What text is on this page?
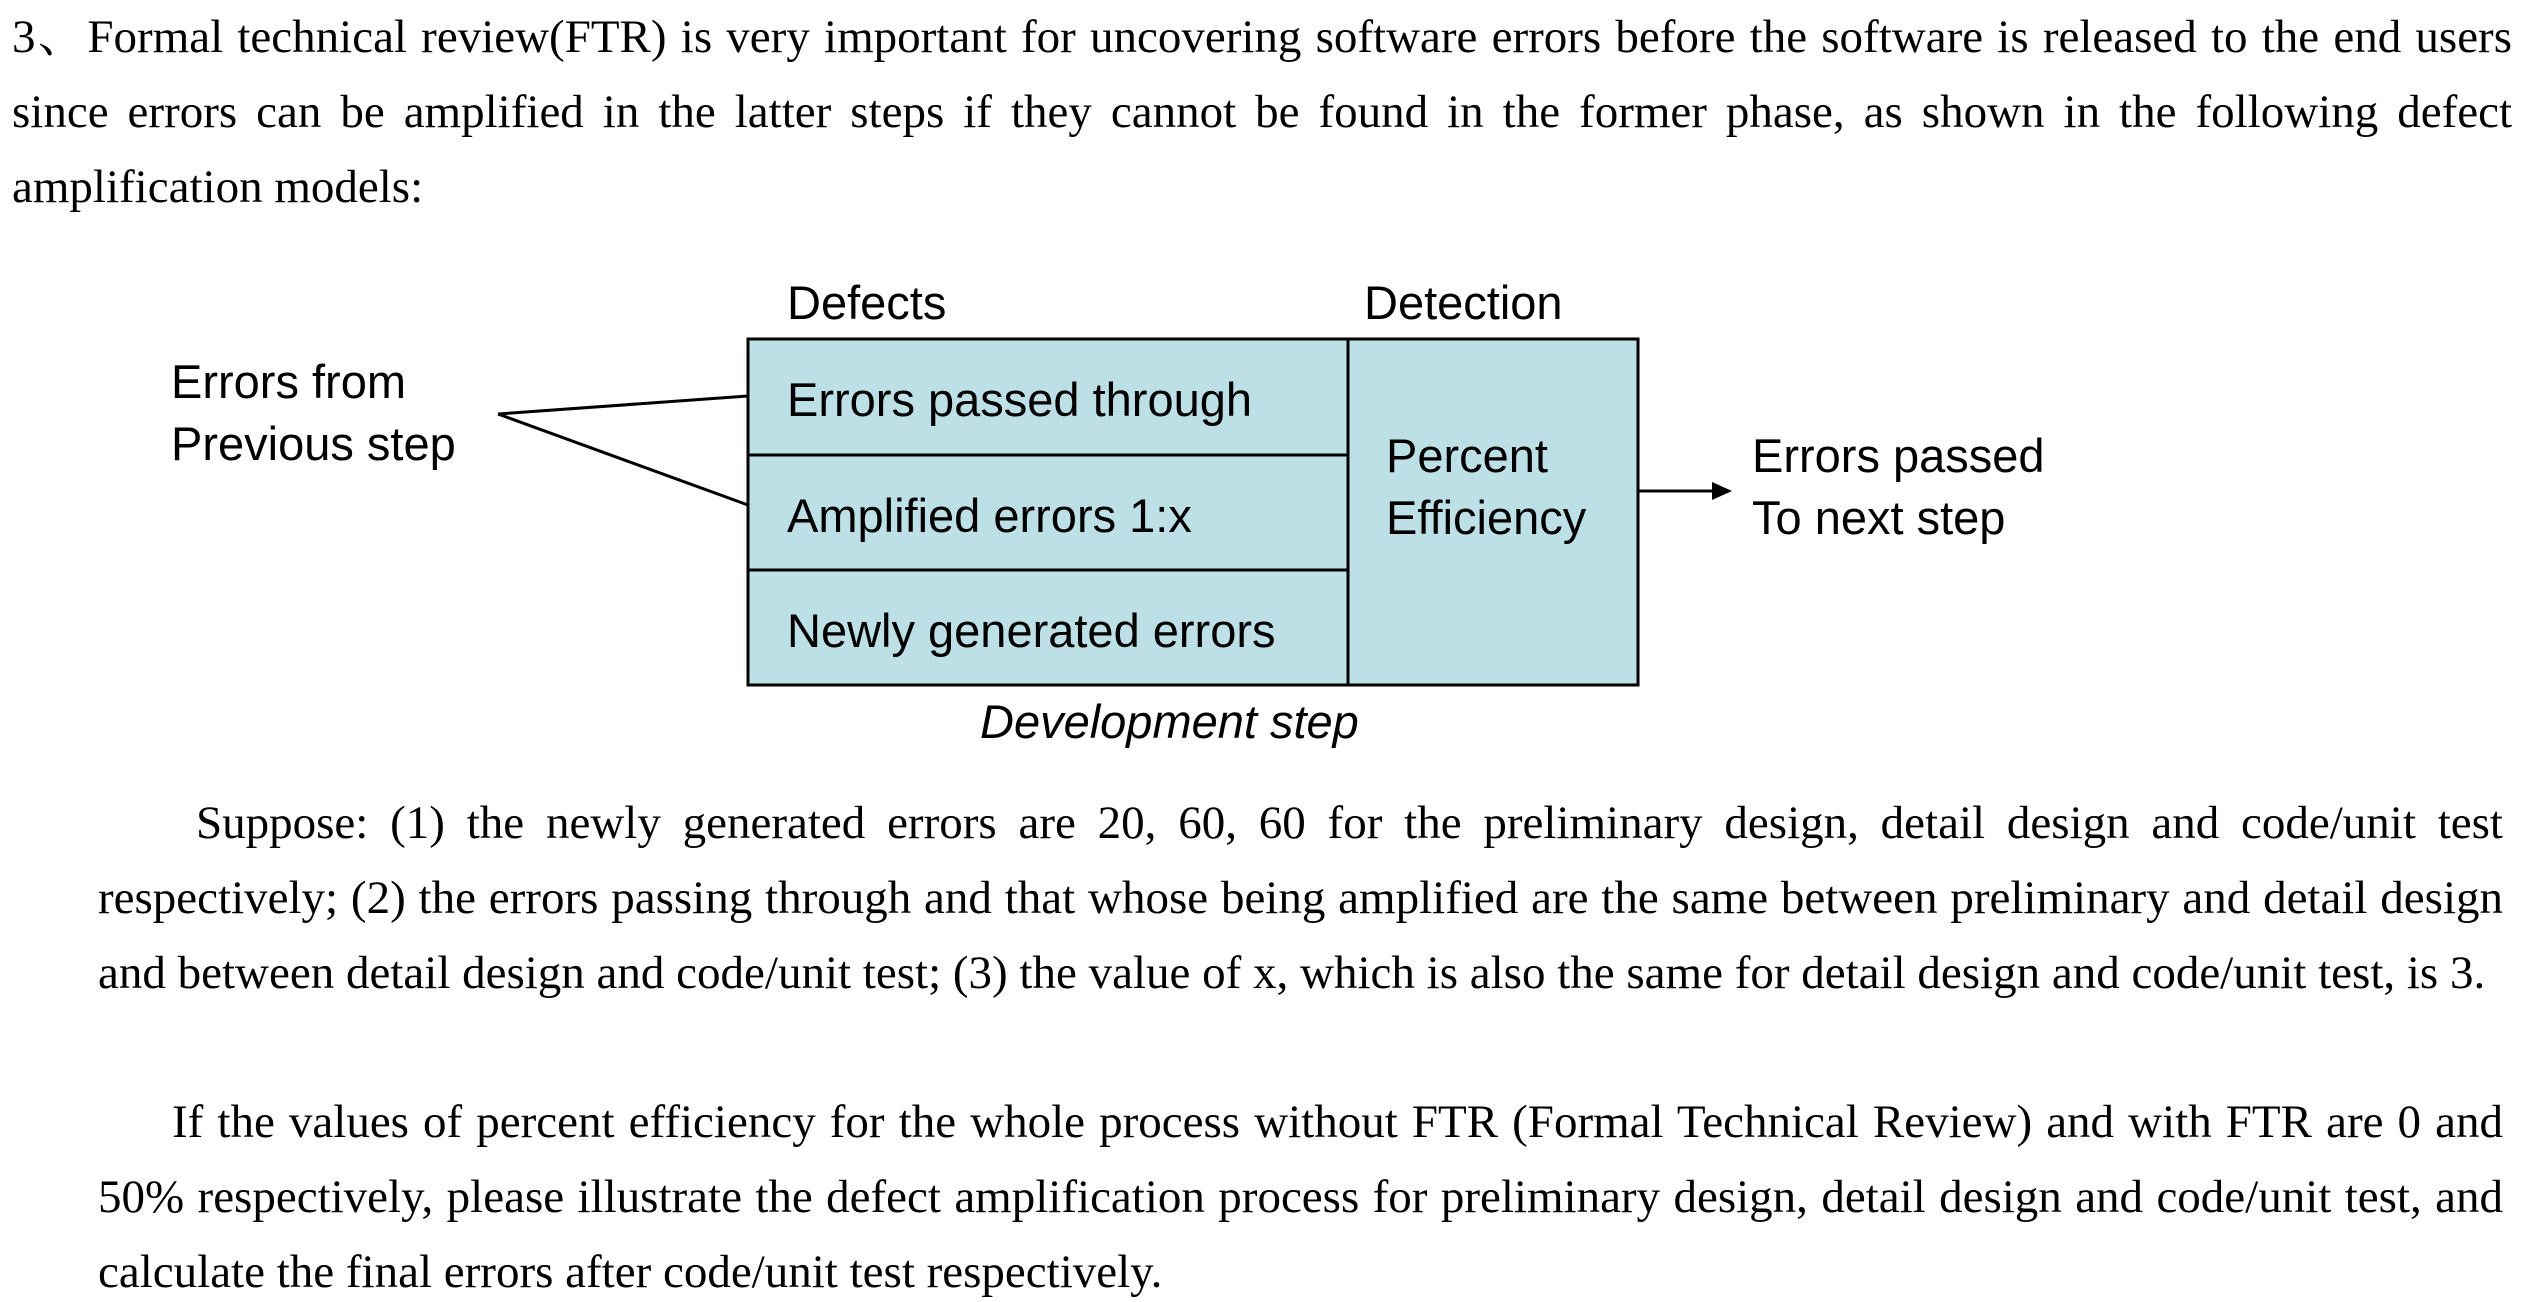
3、Formal technical review(FTR) is very important for uncovering software errors before the software is released to the end users since errors can be amplified in the latter steps if they cannot be found in the former phase, as shown in the following defect amplification models:

Defects	Detection
Errors from
Previous step
Errors passed through
Amplified errors 1:x
Newly generated errors
Percent
Efficiency
Errors passed
To next step
Development step

Suppose: (1) the newly generated errors are 20, 60, 60 for the preliminary design, detail design and code/unit test respectively; (2) the errors passing through and that whose being amplified are the same between preliminary and detail design and between detail design and code/unit test; (3) the value of x, which is also the same for detail design and code/unit test, is 3.

If the values of percent efficiency for the whole process without FTR (Formal Technical Review) and with FTR are 0 and 50% respectively, please illustrate the defect amplification process for preliminary design, detail design and code/unit test, and calculate the final errors after code/unit test respectively.
